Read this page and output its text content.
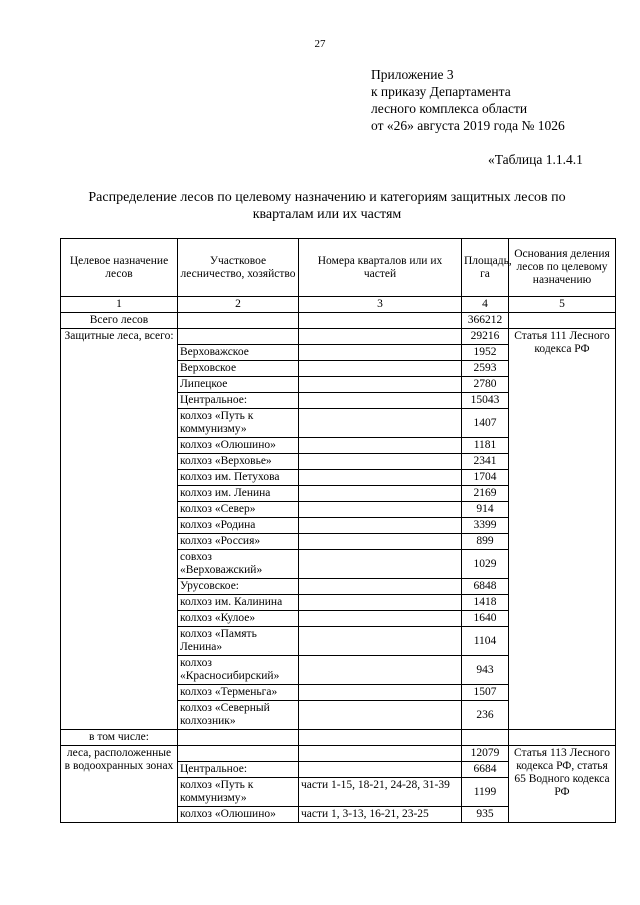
27
Приложение 3
к приказу Департамента
лесного комплекса области
от «26» августа 2019 года № 1026
«Таблица 1.1.4.1
Распределение лесов по целевому назначению и категориям защитных лесов по кварталам или их частям
Целевое назначение лесов	Участковое лесничество, хозяйство	Номера кварталов или их частей	Площадь, га	Основания деления лесов по целевому назначению
1	2	3	4	5
Всего лесов			366212	
Защитные леса, всего:			29216	Статья 111 Лесного кодекса РФ
	Верховажское		1952	
	Верховское		2593	
	Липецкое		2780	
	Центральное:		15043	
	колхоз «Путь к коммунизму»		1407	
	колхоз «Олюшино»		1181	
	колхоз «Верховье»		2341	
	колхоз им. Петухова		1704	
	колхоз им. Ленина		2169	
	колхоз «Север»		914	
	колхоз «Родина		3399	
	колхоз «Россия»		899	
	совхоз «Верховажский»		1029	
	Урусовское:		6848	
	колхоз им. Калинина		1418	
	колхоз «Кулое»		1640	
	колхоз «Память Ленина»		1104	
	колхоз «Красносибирский»		943	
	колхоз «Терменьга»		1507	
	колхоз «Северный колхозник»		236	
в том числе:				
леса, расположенные в водоохранных зонах			12079	Статья 113 Лесного кодекса РФ, статья 65 Водного кодекса РФ
	Центральное:		6684	
	колхоз «Путь к коммунизму»	части 1-15, 18-21, 24-28, 31-39	1199	
	колхоз «Олюшино»	части 1, 3-13, 16-21, 23-25	935	
